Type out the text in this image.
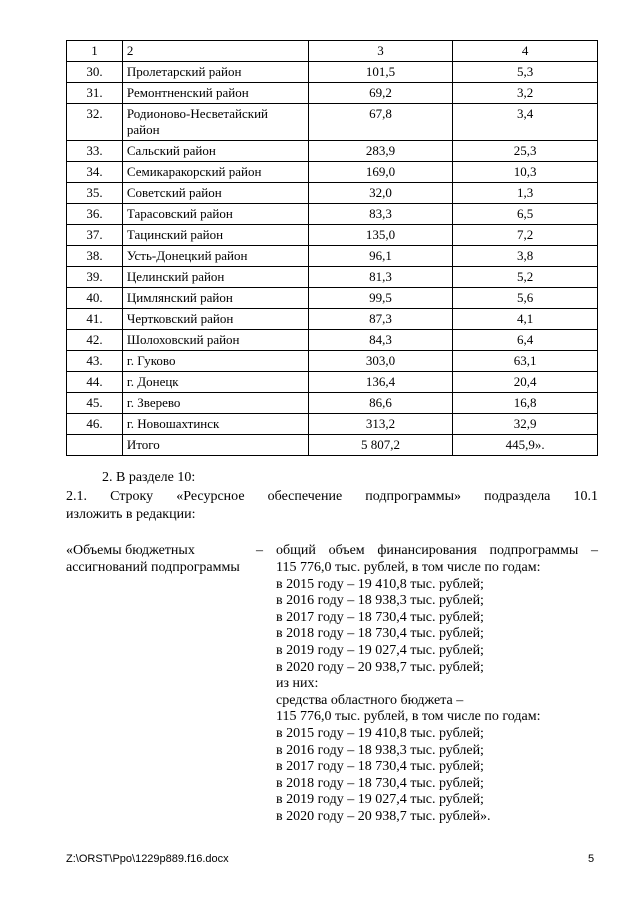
1	2	3	4
30.	Пролетарский район	101,5	5,3
31.	Ремонтненский район	69,2	3,2
32.	Родионово-Несветайский район	67,8	3,4
33.	Сальский район	283,9	25,3
34.	Семикаракорский район	169,0	10,3
35.	Советский район	32,0	1,3
36.	Тарасовский район	83,3	6,5
37.	Тацинский район	135,0	7,2
38.	Усть-Донецкий район	96,1	3,8
39.	Целинский район	81,3	5,2
40.	Цимлянский район	99,5	5,6
41.	Чертковский район	87,3	4,1
42.	Шолоховский район	84,3	6,4
43.	г. Гуково	303,0	63,1
44.	г. Донецк	136,4	20,4
45.	г. Зверево	86,6	16,8
46.	г. Новошахтинск	313,2	32,9
	Итого	5 807,2	445,9».
2. В разделе 10:
2.1. Строку «Ресурсное обеспечение подпрограммы» подраздела 10.1
изложить в редакции:
«Объемы бюджетных ассигнований подпрограммы
– общий объем финансирования подпрограммы –
115 776,0 тыс. рублей, в том числе по годам:
в 2015 году – 19 410,8 тыс. рублей;
в 2016 году – 18 938,3 тыс. рублей;
в 2017 году – 18 730,4 тыс. рублей;
в 2018 году – 18 730,4 тыс. рублей;
в 2019 году – 19 027,4 тыс. рублей;
в 2020 году – 20 938,7 тыс. рублей;
из них:
средства областного бюджета –
115 776,0 тыс. рублей, в том числе по годам:
в 2015 году – 19 410,8 тыс. рублей;
в 2016 году – 18 938,3 тыс. рублей;
в 2017 году – 18 730,4 тыс. рублей;
в 2018 году – 18 730,4 тыс. рублей;
в 2019 году – 19 027,4 тыс. рублей;
в 2020 году – 20 938,7 тыс. рублей».
Z:\ORST\Ppo\1229p889.f16.docx	5
